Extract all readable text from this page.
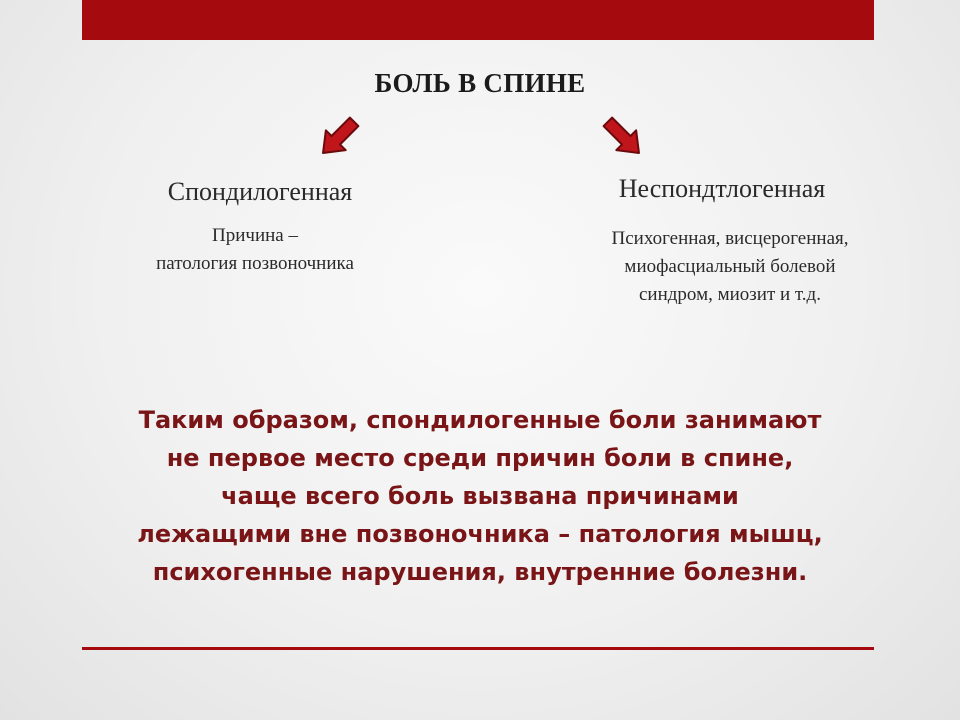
БОЛЬ В СПИНЕ
Спондилогенная
Причина –
патология позвоночника
Неспондтлогенная
Психогенная, висцерогенная,
миофасциальный болевой
синдром, миозит и т.д.
Таким образом, спондилогенные боли занимают
не первое место среди причин боли в спине,
чаще всего боль вызвана причинами
лежащими вне позвоночника – патология мышц,
психогенные нарушения, внутренние болезни.
